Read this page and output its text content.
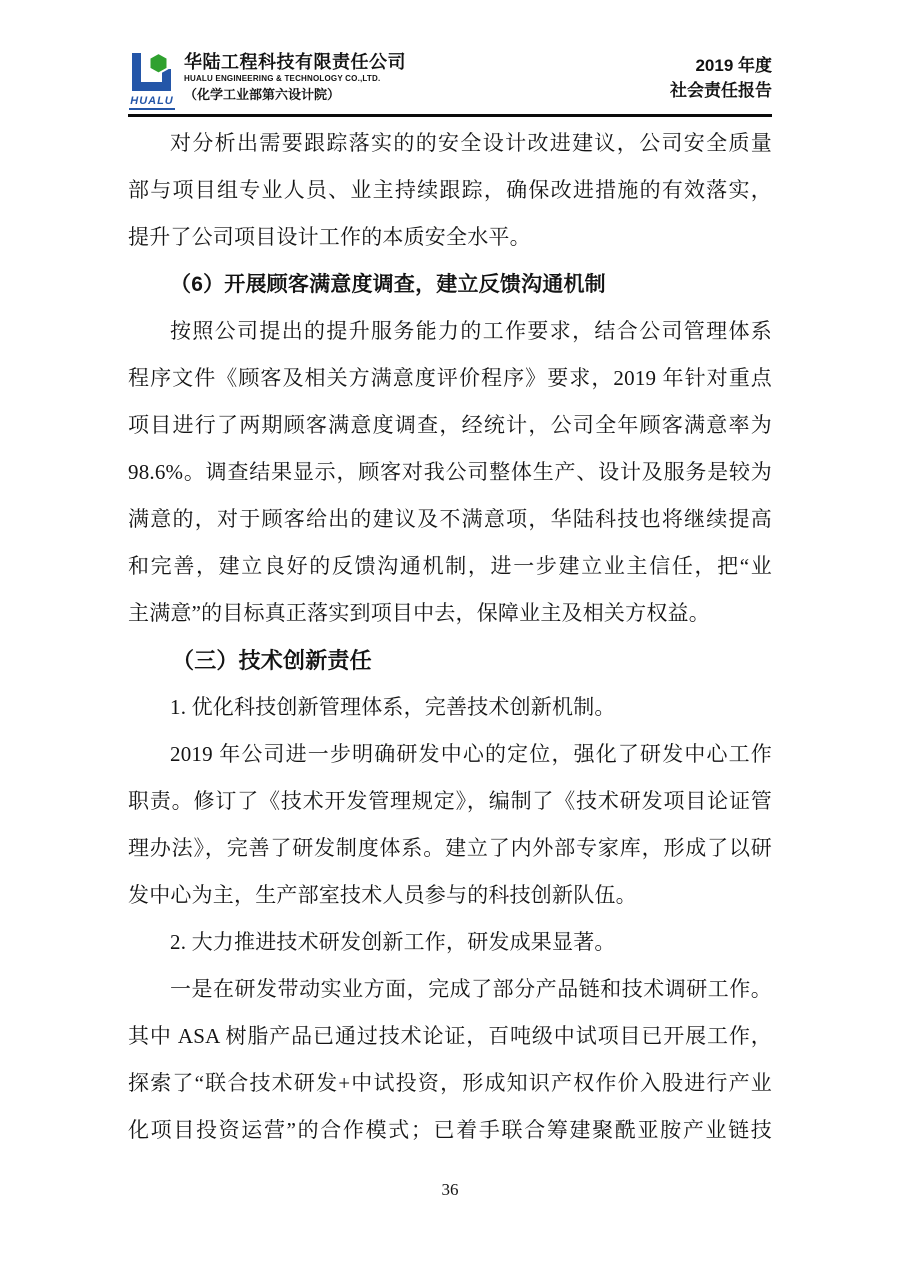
HUALU
华陆工程科技有限责任公司
HUALU ENGINEERING & TECHNOLOGY CO.,LTD.
（化学工业部第六设计院）
2019 年度
社会责任报告
对分析出需要跟踪落实的的安全设计改进建议，公司安全质量
部与项目组专业人员、业主持续跟踪，确保改进措施的有效落实，
提升了公司项目设计工作的本质安全水平。
（6）开展顾客满意度调查，建立反馈沟通机制
按照公司提出的提升服务能力的工作要求，结合公司管理体系
程序文件《顾客及相关方满意度评价程序》要求，2019 年针对重点
项目进行了两期顾客满意度调查，经统计，公司全年顾客满意率为
98.6%。调查结果显示，顾客对我公司整体生产、设计及服务是较为
满意的，对于顾客给出的建议及不满意项，华陆科技也将继续提高
和完善，建立良好的反馈沟通机制，进一步建立业主信任，把“业
主满意”的目标真正落实到项目中去，保障业主及相关方权益。
（三）技术创新责任
1. 优化科技创新管理体系，完善技术创新机制。
2019 年公司进一步明确研发中心的定位，强化了研发中心工作
职责。修订了《技术开发管理规定》，编制了《技术研发项目论证管
理办法》，完善了研发制度体系。建立了内外部专家库，形成了以研
发中心为主，生产部室技术人员参与的科技创新队伍。
2. 大力推进技术研发创新工作，研发成果显著。
一是在研发带动实业方面，完成了部分产品链和技术调研工作。
其中 ASA 树脂产品已通过技术论证，百吨级中试项目已开展工作，
探索了“联合技术研发+中试投资，形成知识产权作价入股进行产业
化项目投资运营”的合作模式；已着手联合筹建聚酰亚胺产业链技
36
